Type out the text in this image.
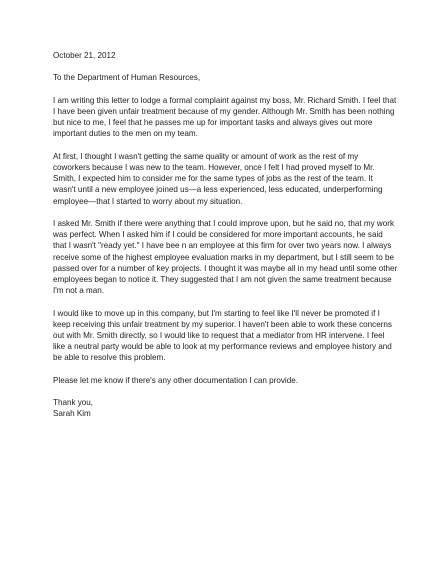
October 21, 2012

To the Department of Human Resources,

I am writing this letter to lodge a formal complaint against my boss, Mr. Richard Smith. I feel that
I have been given unfair treatment because of my gender. Although Mr. Smith has been nothing
but nice to me, I feel that he passes me up for important tasks and always gives out more
important duties to the men on my team.

At first, I thought I wasn't getting the same quality or amount of work as the rest of my
coworkers because I was new to the team. However, once I felt I had proved myself to Mr.
Smith, I expected him to consider me for the same types of jobs as the rest of the team. It
wasn't until a new employee joined us—a less experienced, less educated, underperforming
employee—that I started to worry about my situation.

I asked Mr. Smith if there were anything that I could improve upon, but he said no, that my work
was perfect. When I asked him if I could be considered for more important accounts, he said
that I wasn't "ready yet." I have bee n an employee at this firm for over two years now. I always
receive some of the highest employee evaluation marks in my department, but I still seem to be
passed over for a number of key projects. I thought it was maybe all in my head until some other
employees began to notice it. They suggested that I am not given the same treatment because
I'm not a man.

I would like to move up in this company, but I'm starting to feel like I'll never be promoted if I
keep receiving this unfair treatment by my superior. I haven't been able to work these concerns
out with Mr. Smith directly, so I would like to request that a mediator from HR intervene. I feel
like a neutral party would be able to look at my performance reviews and employee history and
be able to resolve this problem.

Please let me know if there's any other documentation I can provide.

Thank you,

Sarah Kim
